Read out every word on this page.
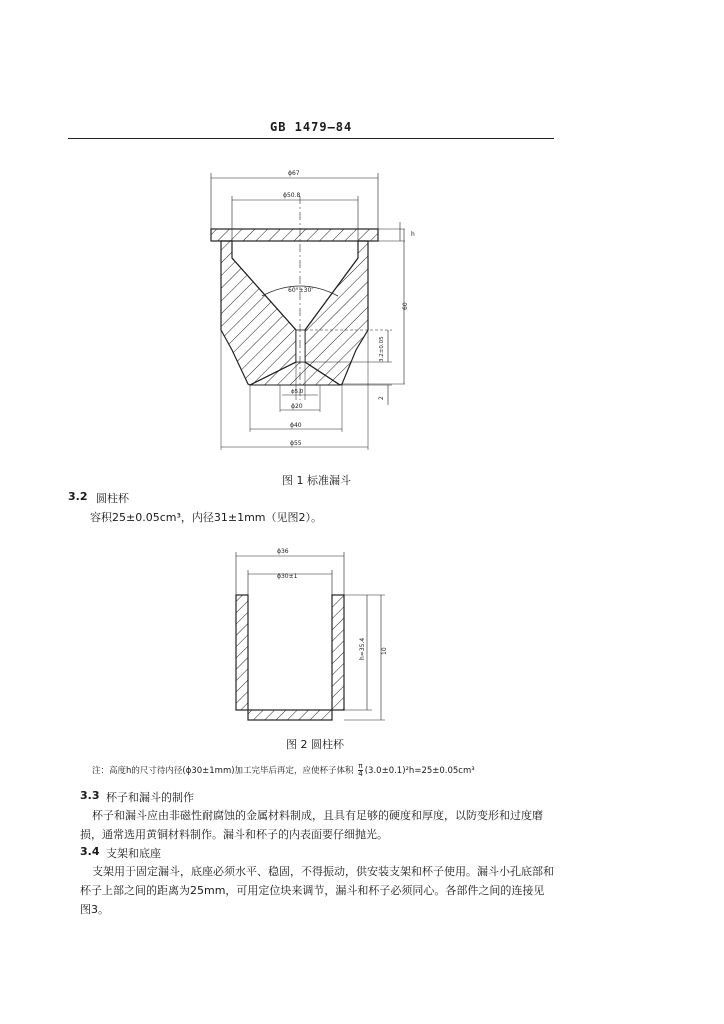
GB 1479—84
ϕ67
ϕ50.8
h
60
60°±30'
3.2±0.05
2
ϕ5.0
ϕ20
ϕ40
ϕ55
图 1 标准漏斗
3.2 圆柱杯
容积25±0.05cm³，内径31±1mm（见图2）。
ϕ36
ϕ30±1
h=35.4	10
图 2 圆柱杯
注：高度h的尺寸待内径(ϕ30±1mm)加工完毕后再定，应使杯子体积 $\frac{\pi}{4} (3.0\pm 0.1)^2h=25\pm 0.05cm^3$
3.3 杯子和漏斗的制作
杯子和漏斗应由非磁性耐腐蚀的金属材料制成，且具有足够的硬度和厚度，以防变形和过度磨损，通常选用黄铜材料制作。漏斗和杯子的内表面要仔细抛光。
3.4 支架和底座
支架用于固定漏斗，底座必须水平、稳固，不得振动，供安装支架和杯子使用。漏斗小孔底部和杯子上部之间的距离为25mm，可用定位块来调节，漏斗和杯子必须同心。各部件之间的连接见图3。
